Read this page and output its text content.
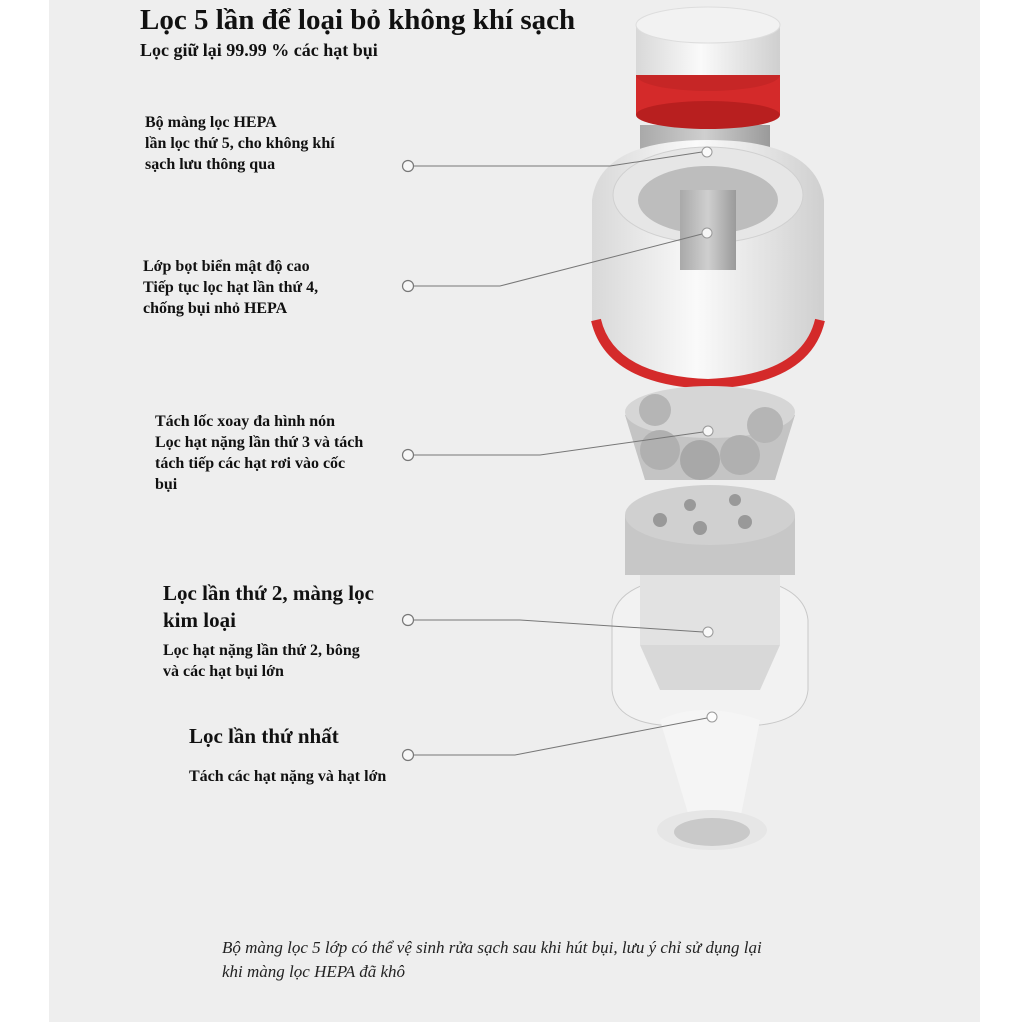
Lọc 5 lần để loại bỏ không khí sạch
Lọc giữ lại 99.99 % các hạt bụi
Bộ màng lọc HEPA
lần lọc thứ 5, cho không khí
sạch lưu thông qua
Lớp bọt biển mật độ cao
Tiếp tục lọc hạt lần thứ 4,
chống bụi nhỏ HEPA
Tách lốc xoay đa hình nón
Lọc hạt nặng lần thứ 3 và tách
tách tiếp các hạt rơi vào cốc
bụi
Lọc lần thứ 2, màng lọc
kim loại
Lọc hạt nặng lần thứ 2, bông
và các hạt bụi lớn
Lọc lần thứ nhất
Tách các hạt nặng và hạt lớn
Bộ màng lọc 5 lớp có thể vệ sinh rửa sạch sau khi hút bụi, lưu ý chỉ sử dụng lại
khi màng lọc HEPA đã khô
